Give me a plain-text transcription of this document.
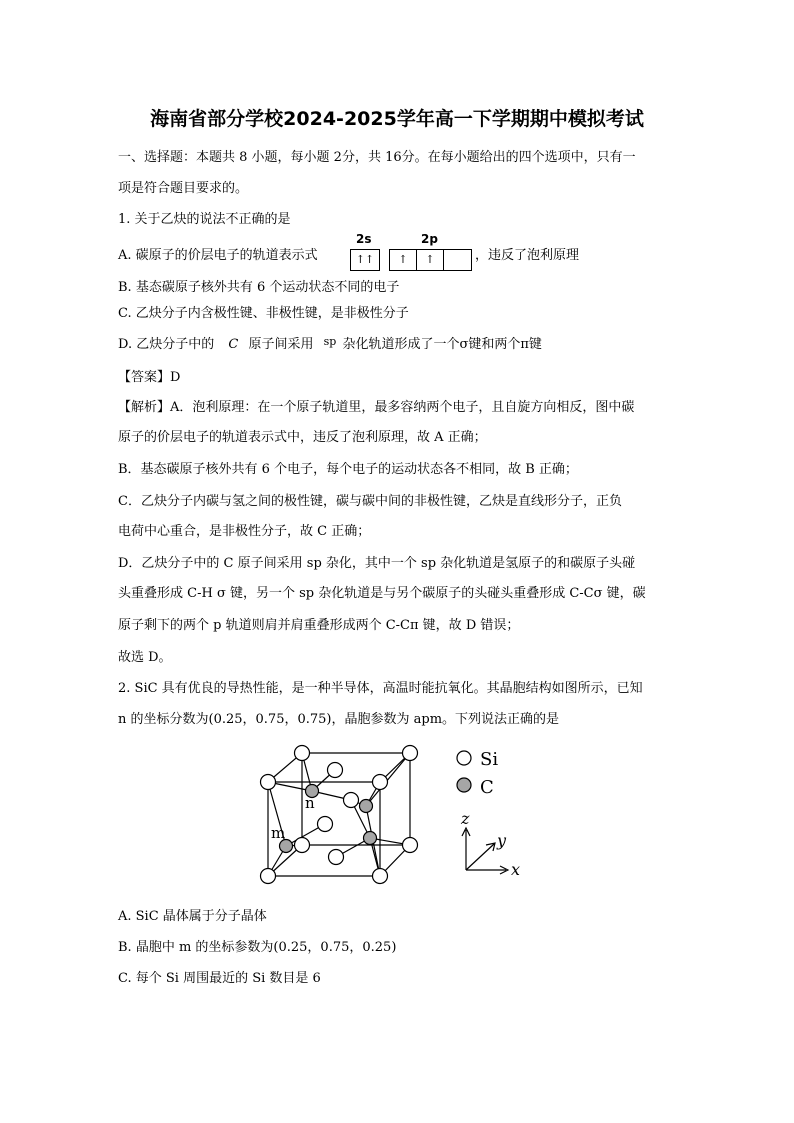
海南省部分学校2024-2025学年高一下学期期中模拟考试
一、选择题：本题共 8 小题，每小题 2分，共 16分。在每小题给出的四个选项中，只有一
项是符合题目要求的。
1. 关于乙炔的说法不正确的是
A. 碳原子的价层电子的轨道表示式
2s	2p
↑↑	↑	↑	，违反了泡利原理
B. 基态碳原子核外共有 6 个运动状态不同的电子
C. 乙炔分子内含极性键、非极性键，是非极性分子
D. 乙炔分子中的 C 原子间采用 $^{sp}$ 杂化轨道形成了一个σ键和两个π键
【答案】D
【解析】A．泡利原理：在一个原子轨道里，最多容纳两个电子，且自旋方向相反，图中碳
原子的价层电子的轨道表示式中，违反了泡利原理，故 A 正确；
B．基态碳原子核外共有 6 个电子，每个电子的运动状态各不相同，故 B 正确；
C．乙炔分子内碳与氢之间的极性键，碳与碳中间的非极性键，乙炔是直线形分子，正负
电荷中心重合，是非极性分子，故 C 正确；
D．乙炔分子中的 C 原子间采用 sp 杂化，其中一个 sp 杂化轨道是氢原子的和碳原子头碰
头重叠形成 C-H σ 键，另一个 sp 杂化轨道是与另个碳原子的头碰头重叠形成 C-Cσ 键，碳
原子剩下的两个 p 轨道则肩并肩重叠形成两个 C-Cπ 键，故 D 错误；
故选 D。
2. SiC 具有优良的导热性能，是一种半导体，高温时能抗氧化。其晶胞结构如图所示，已知
n 的坐标分数为(0.25，0.75，0.75)，晶胞参数为 apm。下列说法正确的是
n
m
Si
C
z
y
x
A. SiC 晶体属于分子晶体
B. 晶胞中 m 的坐标参数为(0.25，0.75，0.25)
C. 每个 Si 周围最近的 Si 数目是 6
